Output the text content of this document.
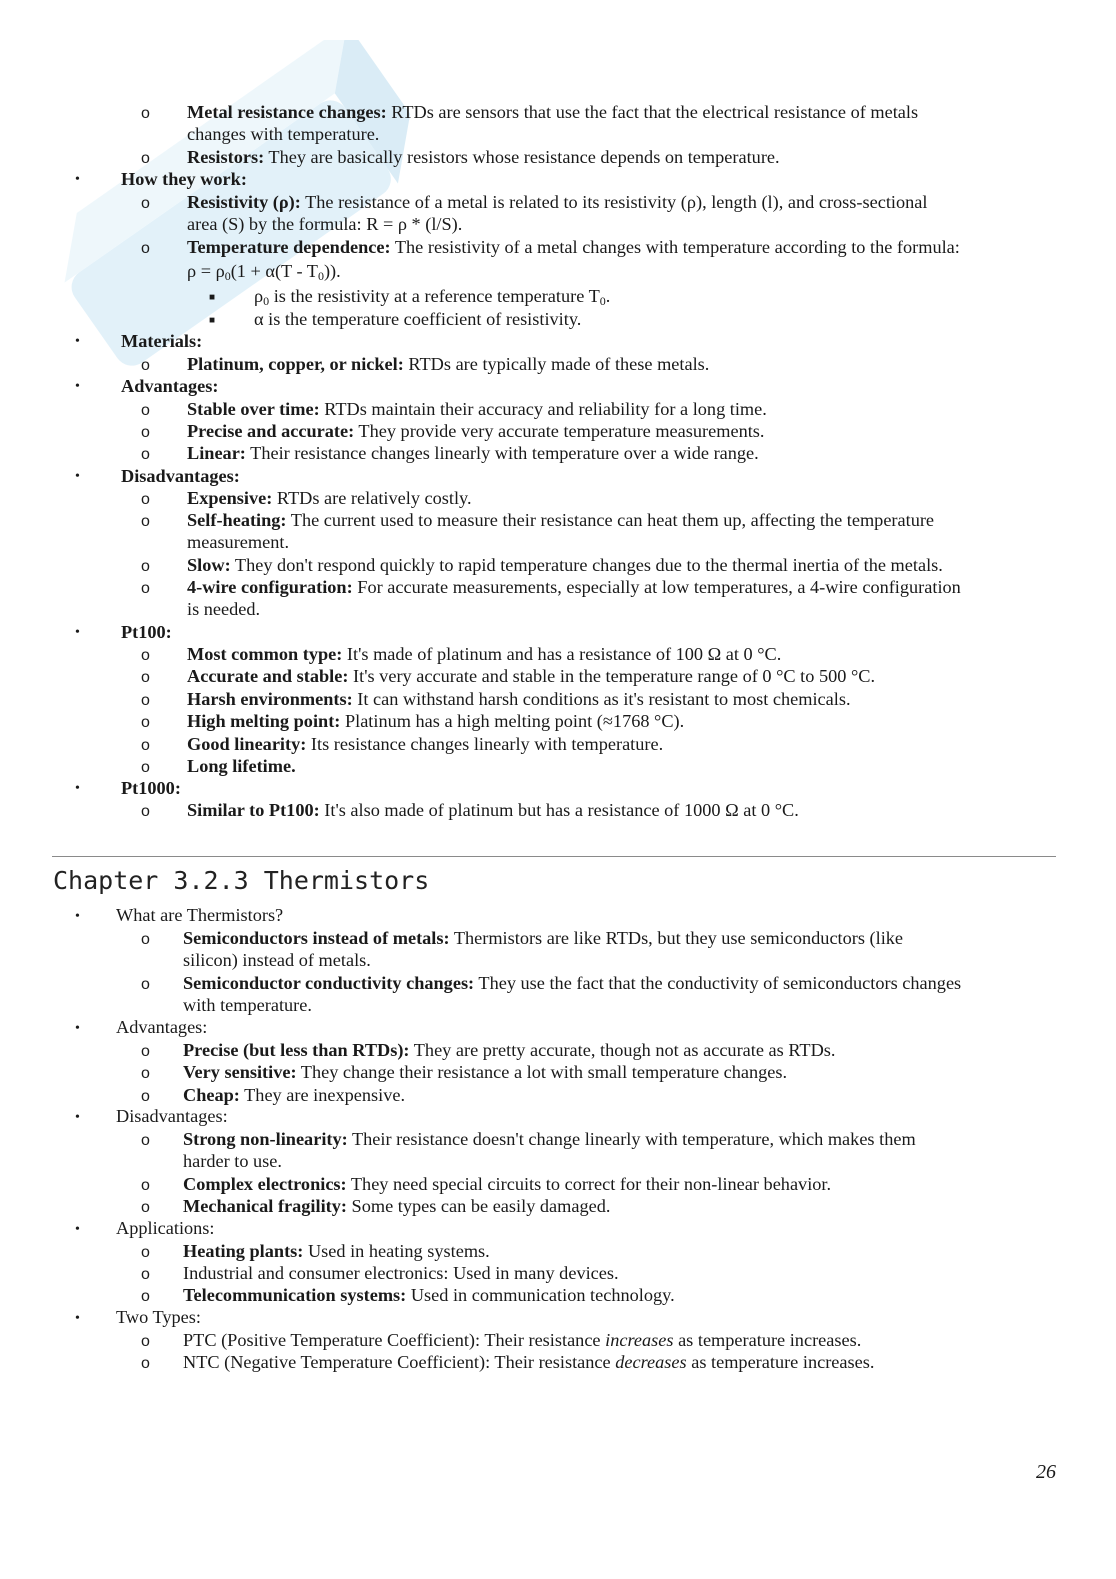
o Metal resistance changes: RTDs are sensors that use the fact that the electrical resistance of metals
changes with temperature.
o Resistors: They are basically resistors whose resistance depends on temperature.
• How they work:
o Resistivity (ρ): The resistance of a metal is related to its resistivity (ρ), length (l), and cross-sectional
area (S) by the formula: R = ρ * (l/S).
o Temperature dependence: The resistivity of a metal changes with temperature according to the formula:
$\rho = \rho_0(1 + \alpha(T - T_0))$.
■ $\rho_0$ is the resistivity at a reference temperature $T_0$.
■ α is the temperature coefficient of resistivity.
• Materials:
o Platinum, copper, or nickel: RTDs are typically made of these metals.
• Advantages:
o Stable over time: RTDs maintain their accuracy and reliability for a long time.
o Precise and accurate: They provide very accurate temperature measurements.
o Linear: Their resistance changes linearly with temperature over a wide range.
• Disadvantages:
o Expensive: RTDs are relatively costly.
o Self-heating: The current used to measure their resistance can heat them up, affecting the temperature
measurement.
o Slow: They don't respond quickly to rapid temperature changes due to the thermal inertia of the metals.
o 4-wire configuration: For accurate measurements, especially at low temperatures, a 4-wire configuration
is needed.
• Pt100:
o Most common type: It's made of platinum and has a resistance of 100 Ω at 0 °C.
o Accurate and stable: It's very accurate and stable in the temperature range of 0 °C to 500 °C.
o Harsh environments: It can withstand harsh conditions as it's resistant to most chemicals.
o High melting point: Platinum has a high melting point (≈1768 °C).
o Good linearity: Its resistance changes linearly with temperature.
o Long lifetime.
• Pt1000:
o Similar to Pt100: It's also made of platinum but has a resistance of 1000 Ω at 0 °C.
Chapter 3.2.3 Thermistors
• What are Thermistors?
o Semiconductors instead of metals: Thermistors are like RTDs, but they use semiconductors (like
silicon) instead of metals.
o Semiconductor conductivity changes: They use the fact that the conductivity of semiconductors changes
with temperature.
• Advantages:
o Precise (but less than RTDs): They are pretty accurate, though not as accurate as RTDs.
o Very sensitive: They change their resistance a lot with small temperature changes.
o Cheap: They are inexpensive.
• Disadvantages:
o Strong non-linearity: Their resistance doesn't change linearly with temperature, which makes them
harder to use.
o Complex electronics: They need special circuits to correct for their non-linear behavior.
o Mechanical fragility: Some types can be easily damaged.
• Applications:
o Heating plants: Used in heating systems.
o Industrial and consumer electronics: Used in many devices.
o Telecommunication systems: Used in communication technology.
• Two Types:
o PTC (Positive Temperature Coefficient): Their resistance increases as temperature increases.
o NTC (Negative Temperature Coefficient): Their resistance decreases as temperature increases.
26
